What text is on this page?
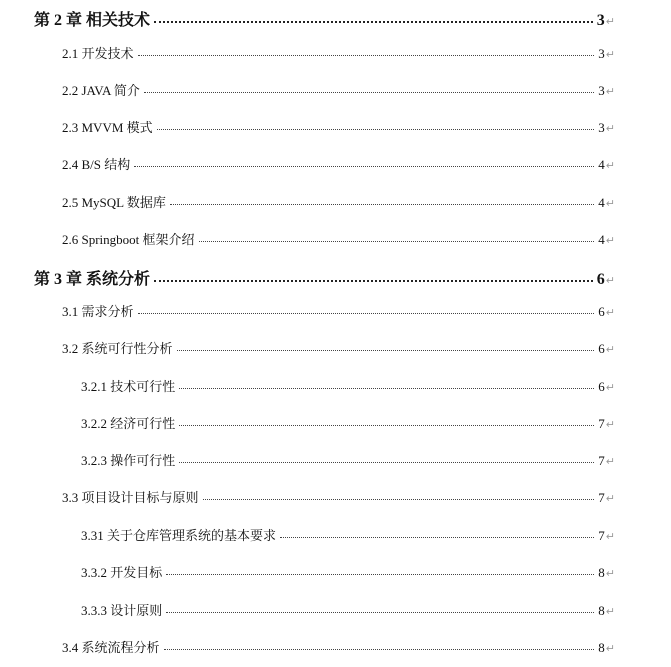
第 2 章 相关技术	3 ↵
2.1 开发技术	3 ↵
2.2 JAVA 简介	3 ↵
2.3 MVVM 模式	3 ↵
2.4 B/S 结构	4 ↵
2.5 MySQL 数据库	4 ↵
2.6 Springboot 框架介绍	4 ↵
第 3 章 系统分析	6 ↵
3.1 需求分析	6 ↵
3.2 系统可行性分析	6 ↵
3.2.1 技术可行性	6 ↵
3.2.2 经济可行性	7 ↵
3.2.3 操作可行性	7 ↵
3.3 项目设计目标与原则	7 ↵
3.31 关于仓库管理系统的基本要求	7 ↵
3.3.2 开发目标	8 ↵
3.3.3 设计原则	8 ↵
3.4 系统流程分析	8 ↵
